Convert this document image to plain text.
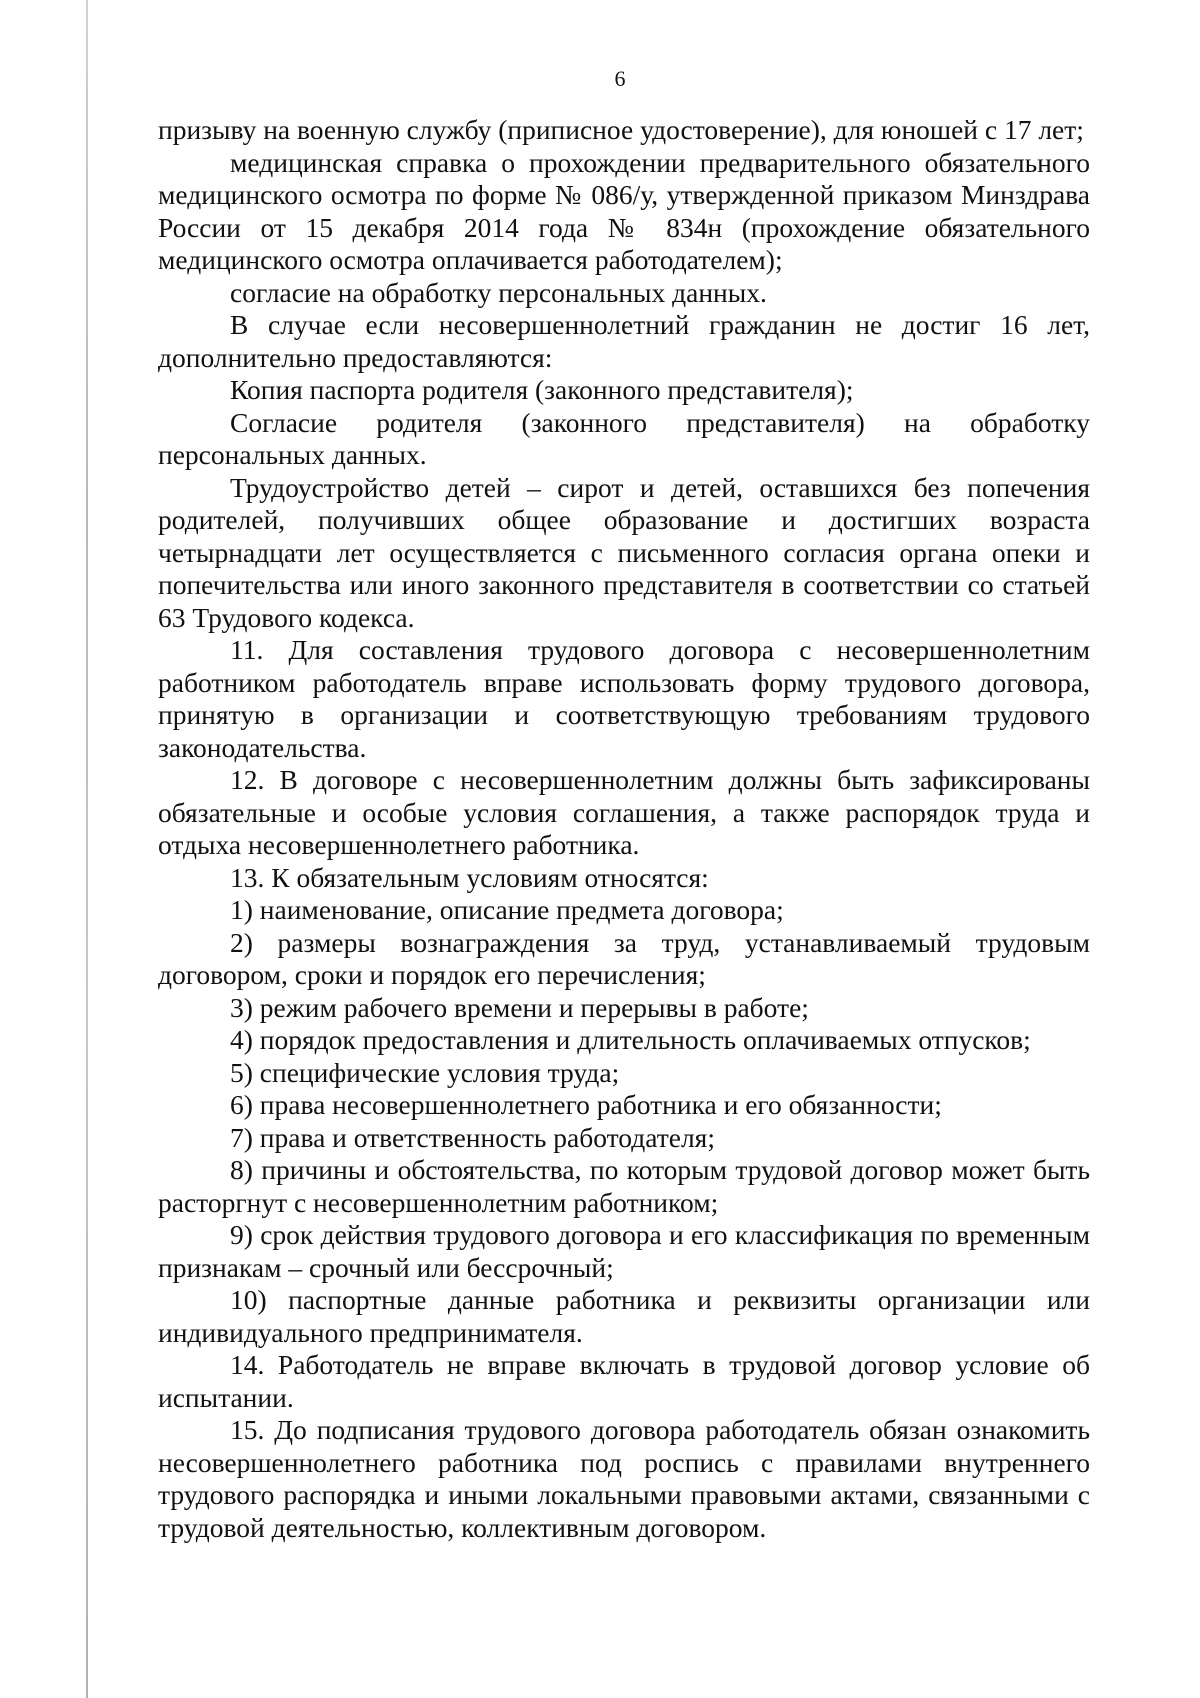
6

призыву на военную службу (приписное удостоверение), для юношей с 17 лет;

медицинская справка о прохождении предварительного обязательного медицинского осмотра по форме № 086/у, утвержденной приказом Минздрава России от 15 декабря 2014 года № 834н (прохождение обязательного медицинского осмотра оплачивается работодателем);

согласие на обработку персональных данных.

В случае если несовершеннолетний гражданин не достиг 16 лет, дополнительно предоставляются:

Копия паспорта родителя (законного представителя);

Согласие родителя (законного представителя) на обработку персональных данных.

Трудоустройство детей – сирот и детей, оставшихся без попечения родителей, получивших общее образование и достигших возраста четырнадцати лет осуществляется с письменного согласия органа опеки и попечительства или иного законного представителя в соответствии со статьей 63 Трудового кодекса.

11. Для составления трудового договора с несовершеннолетним работником работодатель вправе использовать форму трудового договора, принятую в организации и соответствующую требованиям трудового законодательства.

12. В договоре с несовершеннолетним должны быть зафиксированы обязательные и особые условия соглашения, а также распорядок труда и отдыха несовершеннолетнего работника.

13. К обязательным условиям относятся:

1) наименование, описание предмета договора;

2) размеры вознаграждения за труд, устанавливаемый трудовым договором, сроки и порядок его перечисления;

3) режим рабочего времени и перерывы в работе;

4) порядок предоставления и длительность оплачиваемых отпусков;

5) специфические условия труда;

6) права несовершеннолетнего работника и его обязанности;

7) права и ответственность работодателя;

8) причины и обстоятельства, по которым трудовой договор может быть расторгнут с несовершеннолетним работником;

9) срок действия трудового договора и его классификация по временным признакам – срочный или бессрочный;

10) паспортные данные работника и реквизиты организации или индивидуального предпринимателя.

14. Работодатель не вправе включать в трудовой договор условие об испытании.

15. До подписания трудового договора работодатель обязан ознакомить несовершеннолетнего работника под роспись с правилами внутреннего трудового распорядка и иными локальными правовыми актами, связанными с трудовой деятельностью, коллективным договором.
